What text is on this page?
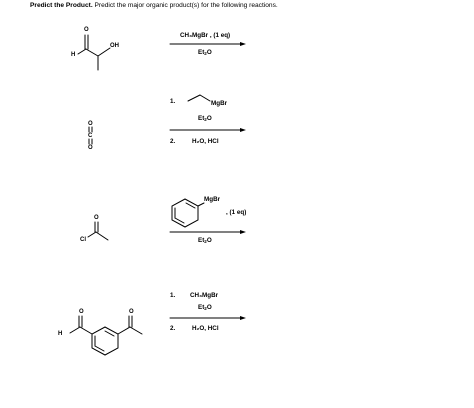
Predict the Product. Predict the major organic product(s) for the following reactions.
O
H
OH
CH₃MgBr , (1 eq)
$Et_2O$
O
C
O
1.	MgBr
$Et_2O$
2.	H₂O, HCl
O
Cl
MgBr
, (1 eq)
$Et_2O$
H
O	O
1. CH₃MgBr
$Et_2O$
2.	H₂O, HCl
